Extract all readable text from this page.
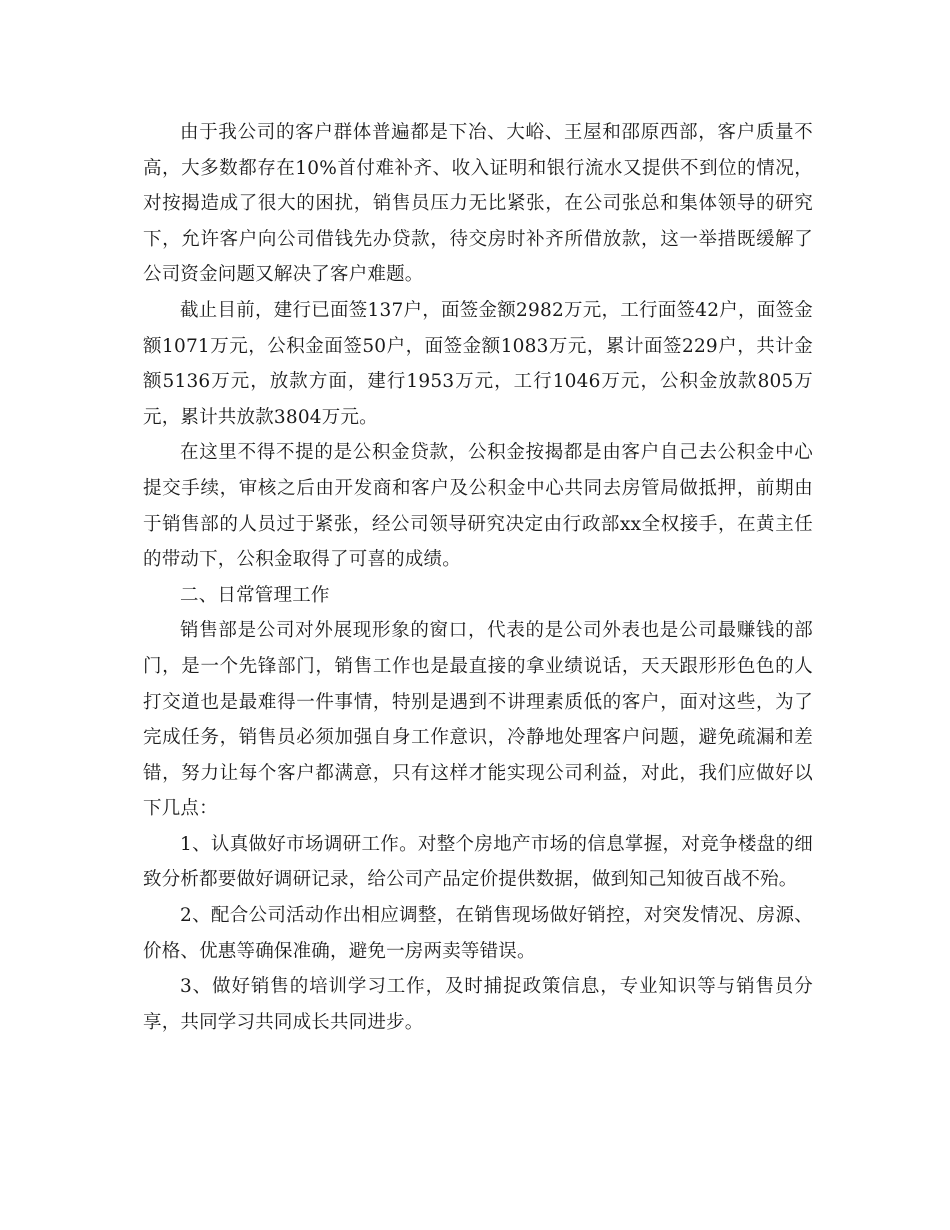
由于我公司的客户群体普遍都是下冶、大峪、王屋和邵原西部，客户质量不高，大多数都存在10%首付难补齐、收入证明和银行流水又提供不到位的情况，对按揭造成了很大的困扰，销售员压力无比紧张，在公司张总和集体领导的研究下，允许客户向公司借钱先办贷款，待交房时补齐所借放款，这一举措既缓解了公司资金问题又解决了客户难题。

截止目前，建行已面签137户，面签金额2982万元，工行面签42户，面签金额1071万元，公积金面签50户，面签金额1083万元，累计面签229户，共计金额5136万元，放款方面，建行1953万元，工行1046万元，公积金放款805万元，累计共放款3804万元。

在这里不得不提的是公积金贷款，公积金按揭都是由客户自己去公积金中心提交手续，审核之后由开发商和客户及公积金中心共同去房管局做抵押，前期由于销售部的人员过于紧张，经公司领导研究决定由行政部xx全权接手，在黄主任的带动下，公积金取得了可喜的成绩。

二、日常管理工作

销售部是公司对外展现形象的窗口，代表的是公司外表也是公司最赚钱的部门，是一个先锋部门，销售工作也是最直接的拿业绩说话，天天跟形形色色的人打交道也是最难得一件事情，特别是遇到不讲理素质低的客户，面对这些，为了完成任务，销售员必须加强自身工作意识，冷静地处理客户问题，避免疏漏和差错，努力让每个客户都满意，只有这样才能实现公司利益，对此，我们应做好以下几点：

1、认真做好市场调研工作。对整个房地产市场的信息掌握，对竞争楼盘的细致分析都要做好调研记录，给公司产品定价提供数据，做到知己知彼百战不殆。

2、配合公司活动作出相应调整，在销售现场做好销控，对突发情况、房源、价格、优惠等确保准确，避免一房两卖等错误。

3、做好销售的培训学习工作，及时捕捉政策信息，专业知识等与销售员分享，共同学习共同成长共同进步。
